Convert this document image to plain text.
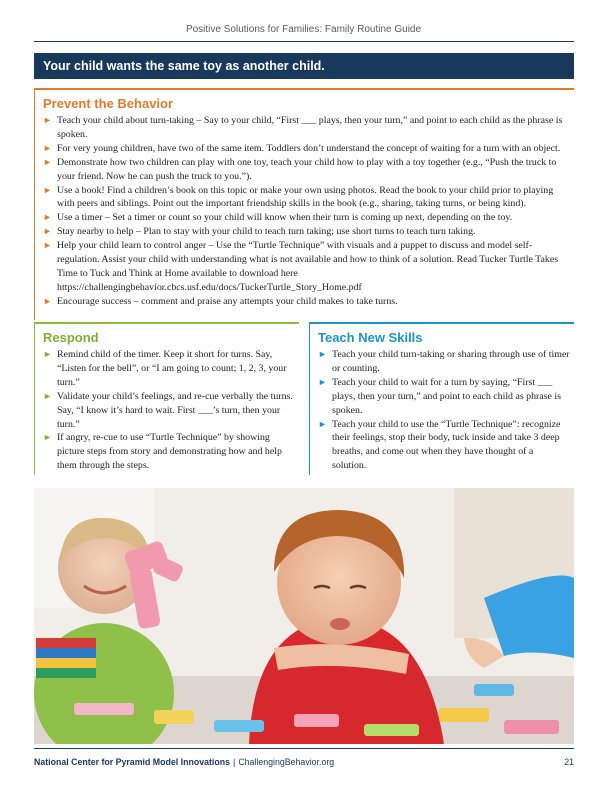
Positive Solutions for Families: Family Routine Guide
Your child wants the same toy as another child.
Prevent the Behavior
► Teach your child about turn-taking – Say to your child, “First ___ plays, then your turn,” and point to each child as the phrase is spoken.
► For very young children, have two of the same item. Toddlers don’t understand the concept of waiting for a turn with an object.
► Demonstrate how two children can play with one toy, teach your child how to play with a toy together (e.g., “Push the truck to your friend. Now he can push the truck to you.”).
► Use a book! Find a children’s book on this topic or make your own using photos. Read the book to your child prior to playing with peers and siblings. Point out the important friendship skills in the book (e.g., sharing, taking turns, or being kind).
► Use a timer – Set a timer or count so your child will know when their turn is coming up next, depending on the toy.
► Stay nearby to help – Plan to stay with your child to teach turn taking; use short turns to teach turn taking.
► Help your child learn to control anger – Use the “Turtle Technique” with visuals and a puppet to discuss and model self-regulation. Assist your child with understanding what is not available and how to think of a solution. Read Tucker Turtle Takes Time to Tuck and Think at Home available to download here https://challengingbehavior.cbcs.usf.edu/docs/TuckerTurtle_Story_Home.pdf
► Encourage success – comment and praise any attempts your child makes to take turns.
Respond
► Remind child of the timer. Keep it short for turns. Say, “Listen for the bell”, or “I am going to count; 1, 2, 3, your turn.”
► Validate your child’s feelings, and re-cue verbally the turns. Say, “I know it’s hard to wait. First ___’s turn, then your turn.”
► If angry, re-cue to use “Turtle Technique” by showing picture steps from story and demonstrating how and help them through the steps.
Teach New Skills
► Teach your child turn-taking or sharing through use of timer or counting.
► Teach your child to wait for a turn by saying, “First ___ plays, then your turn,” and point to each child as phrase is spoken.
► Teach your child to use the “Turtle Technique”: recognize their feelings, stop their body, tuck inside and take 3 deep breaths, and come out when they have thought of a solution.
National Center for Pyramid Model Innovations | ChallengingBehavior.org	21
